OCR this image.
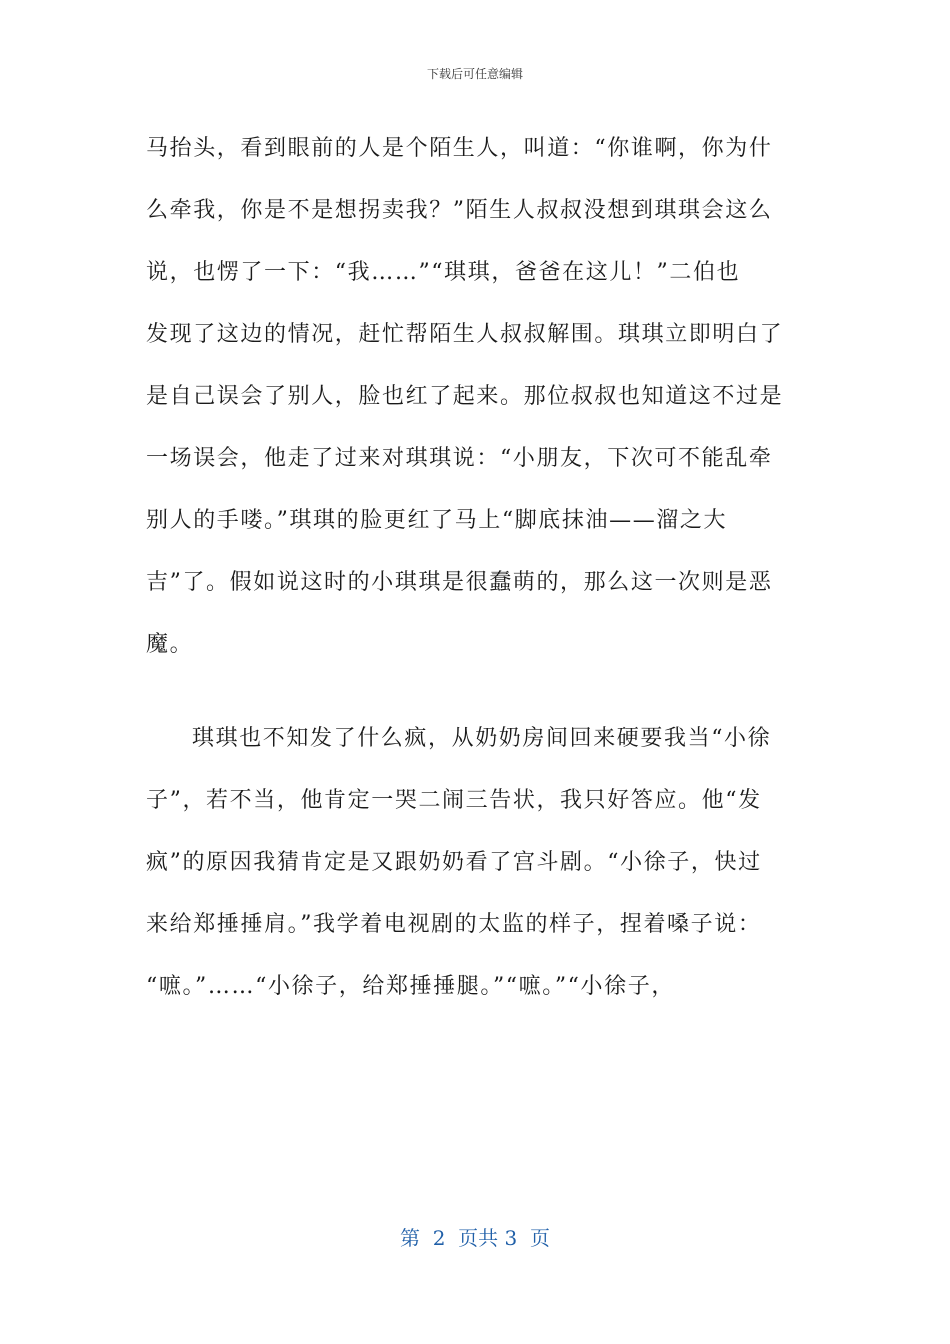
下载后可任意编辑
马抬头，看到眼前的人是个陌生人，叫道：“你谁啊，你为什
么牵我，你是不是想拐卖我？”陌生人叔叔没想到琪琪会这么
说，也愣了一下：“我……”“琪琪，爸爸在这儿！”二伯也
发现了这边的情况，赶忙帮陌生人叔叔解围。琪琪立即明白了
是自己误会了别人，脸也红了起来。那位叔叔也知道这不过是
一场误会，他走了过来对琪琪说：“小朋友，下次可不能乱牵
别人的手喽。”琪琪的脸更红了马上“脚底抹油——溜之大
吉”了。假如说这时的小琪琪是很蠢萌的，那么这一次则是恶
魔。
琪琪也不知发了什么疯，从奶奶房间回来硬要我当“小徐
子”，若不当，他肯定一哭二闹三告状，我只好答应。他“发
疯”的原因我猜肯定是又跟奶奶看了宫斗剧。“小徐子，快过
来给郑捶捶肩。”我学着电视剧的太监的样子，捏着嗓子说：
“嗻。”……“小徐子，给郑捶捶腿。”“嗻。”“小徐子，
第  2  页共 3  页
